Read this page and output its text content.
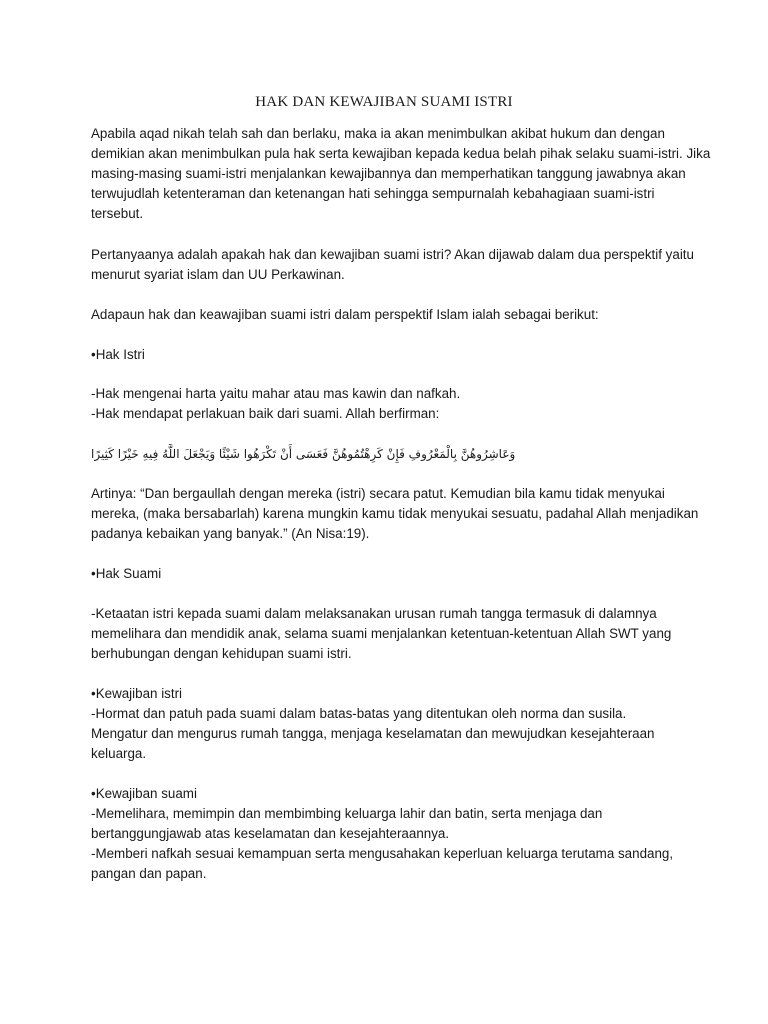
HAK DAN KEWAJIBAN SUAMI ISTRI
Apabila aqad nikah telah sah dan berlaku, maka ia akan menimbulkan akibat hukum dan dengan
demikian akan menimbulkan pula hak serta kewajiban kepada kedua belah pihak selaku suami-istri. Jika
masing-masing suami-istri menjalankan kewajibannya dan memperhatikan tanggung jawabnya akan
terwujudlah ketenteraman dan ketenangan hati sehingga sempurnalah kebahagiaan suami-istri
tersebut.
Pertanyaanya adalah apakah hak dan kewajiban suami istri? Akan dijawab dalam dua perspektif yaitu
menurut syariat islam dan UU Perkawinan.
Adapaun hak dan keawajiban suami istri dalam perspektif Islam ialah sebagai berikut:
•Hak Istri
-Hak mengenai harta yaitu mahar atau mas kawin dan nafkah.
-Hak mendapat perlakuan baik dari suami. Allah berfirman:
وَعَاشِرُوهُنَّ بِالْمَعْرُوفِ فَإِنْ كَرِهْتُمُوهُنَّ فَعَسَى أَنْ تَكْرَهُوا شَيْئًا وَيَجْعَلَ اللَّهُ فِيهِ خَيْرًا كَثِيرًا
Artinya: “Dan bergaullah dengan mereka (istri) secara patut. Kemudian bila kamu tidak menyukai
mereka, (maka bersabarlah) karena mungkin kamu tidak menyukai sesuatu, padahal Allah menjadikan
padanya kebaikan yang banyak.” (An Nisa:19).
•Hak Suami
-Ketaatan istri kepada suami dalam melaksanakan urusan rumah tangga termasuk di dalamnya
memelihara dan mendidik anak, selama suami menjalankan ketentuan-ketentuan Allah SWT yang
berhubungan dengan kehidupan suami istri.
•Kewajiban istri
-Hormat dan patuh pada suami dalam batas-batas yang ditentukan oleh norma dan susila.
Mengatur dan mengurus rumah tangga, menjaga keselamatan dan mewujudkan kesejahteraan
keluarga.
•Kewajiban suami
-Memelihara, memimpin dan membimbing keluarga lahir dan batin, serta menjaga dan
bertanggungjawab atas keselamatan dan kesejahteraannya.
-Memberi nafkah sesuai kemampuan serta mengusahakan keperluan keluarga terutama sandang,
pangan dan papan.
